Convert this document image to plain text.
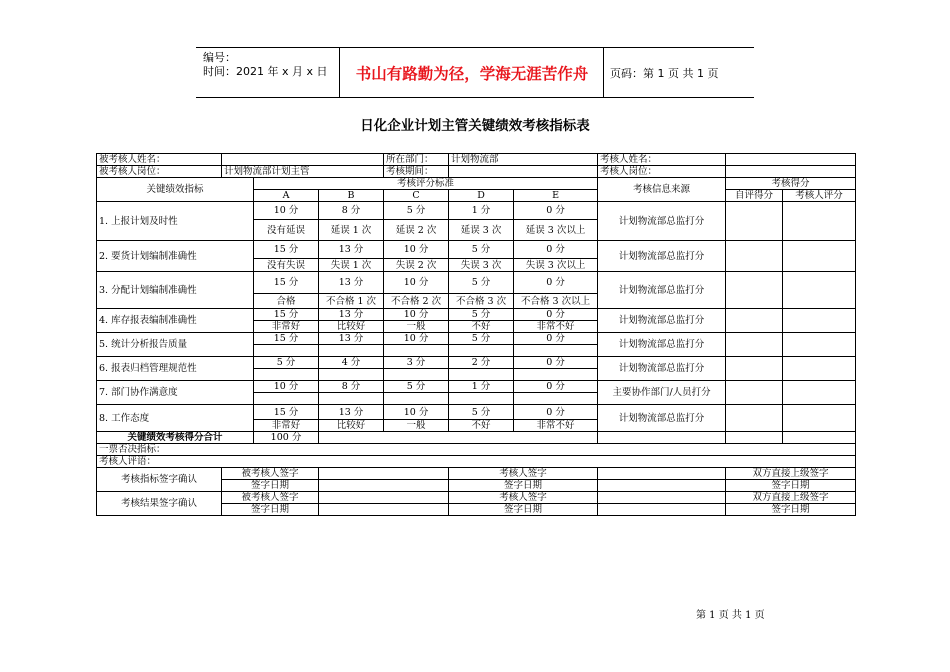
编号：
时间：2021 年 x 月 x 日	书山有路勤为径，学海无涯苦作舟	页码：第 1 页 共 1 页
日化企业计划主管关键绩效考核指标表
被考核人姓名：				所在部门：	计划物流部		考核人姓名：		
被考核人岗位：	计划物流部计划主管			考核期间：			考核人岗位：		
关键绩效指标		考核评分标准					考核信息来源	考核得分	
		A	B	C	D	E		自评得分	考核人评分
1. 上报计划及时性		10 分	8 分	5 分	1 分	0 分	计划物流部总监打分		
		没有延误	延误 1 次	延误 2 次	延误 3 次	延误 3 次以上			
2. 要货计划编制准确性		15 分	13 分	10 分	5 分	0 分	计划物流部总监打分		
		没有失误	失误 1 次	失误 2 次	失误 3 次	失误 3 次以上			
3. 分配计划编制准确性		15 分	13 分	10 分	5 分	0 分	计划物流部总监打分		
		合格	不合格 1 次	不合格 2 次	不合格 3 次	不合格 3 次以上			
4. 库存报表编制准确性		15 分	13 分	10 分	5 分	0 分	计划物流部总监打分		
		非常好	比较好	一般	不好	非常不好			
5. 统计分析报告质量		15 分	13 分	10 分	5 分	0 分	计划物流部总监打分		

6. 报表归档管理规范性		5 分	4 分	3 分	2 分	0 分	计划物流部总监打分		

7. 部门协作满意度		10 分	8 分	5 分	1 分	0 分	主要协作部门/人员打分		

8. 工作态度		15 分	13 分	10 分	5 分	0 分	计划物流部总监打分		
		非常好	比较好	一般	不好	非常不好			
关键绩效考核得分合计		100 分							
一票否决指标：									
考核人评语：									
考核指标签字确认	被考核人签字				考核人签字			双方直接上级签字	
	签字日期				签字日期			签字日期	
考核结果签字确认	被考核人签字				考核人签字			双方直接上级签字	
	签字日期				签字日期			签字日期	
第 1 页 共 1 页
